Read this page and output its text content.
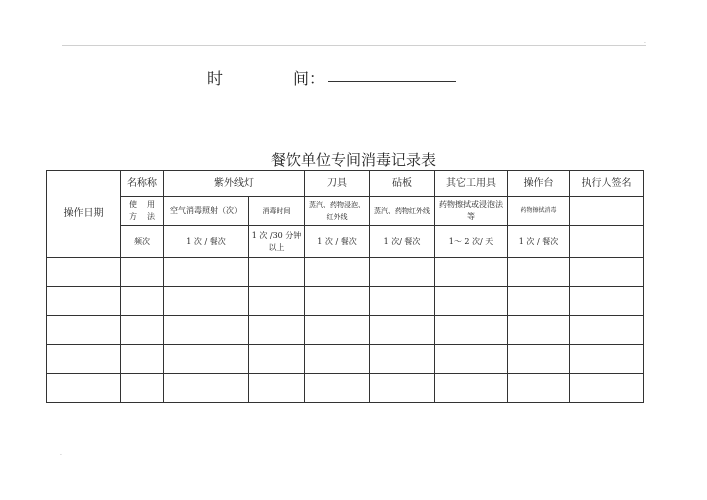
.
.
时	间：
餐饮单位专间消毒记录表
操作日期	名称称	紫外线灯		刀具	砧板	其它工用具	操作台	执行人签名

	使 用 方 法	空气消毒照射（次）	消毒时间	蒸汽、药物浸泡、红外线	蒸汽、药物红外线	药物擦拭或浸泡法等	药物擦拭消毒	
	频次	1 次 / 餐次	1 次 /30 分钟以上	1 次 / 餐次	1 次/ 餐次	1～ 2 次/ 天	1 次 / 餐次	
